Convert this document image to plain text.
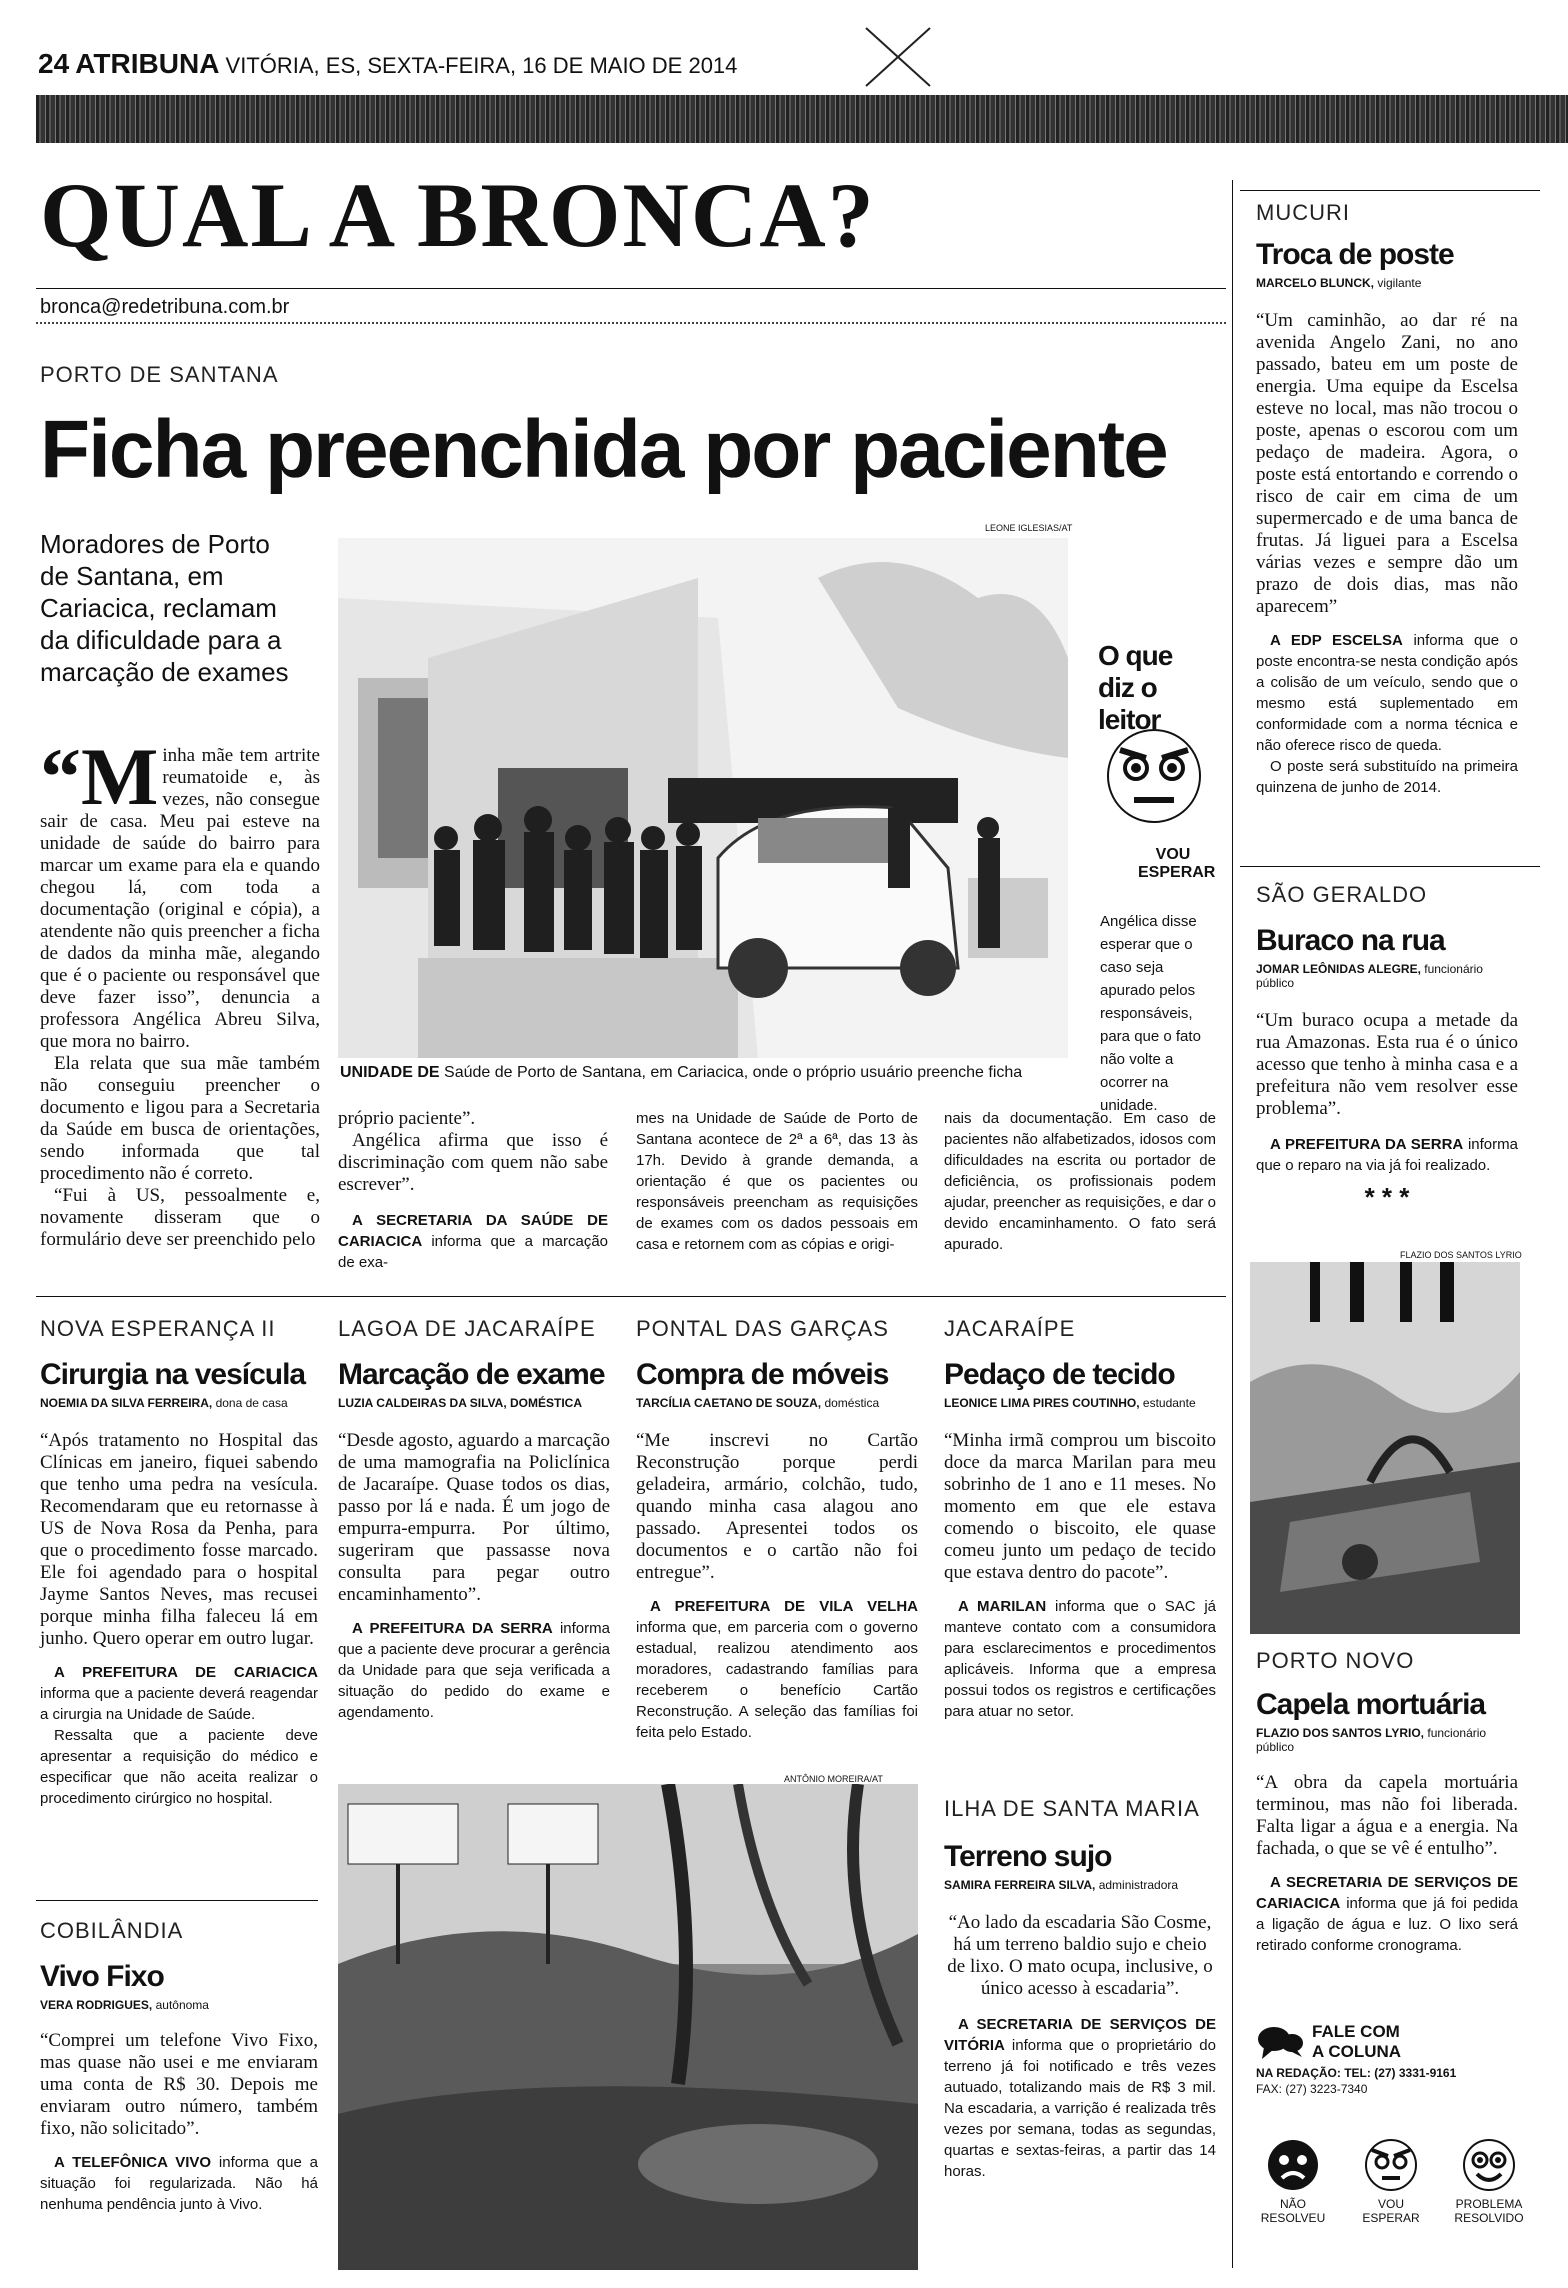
24 ATRIBUNA VITÓRIA, ES, SEXTA-FEIRA, 16 DE MAIO DE 2014
QUAL A BRONCA?
bronca@redetribuna.com.br
PORTO DE SANTANA
Ficha preenchida por paciente
Moradores de Porto de Santana, em Cariacica, reclamam da dificuldade para a marcação de exames
LEONE IGLESIAS/AT
UNIDADE DE Saúde de Porto de Santana, em Cariacica, onde o próprio usuário preenche ficha
O que diz o leitor
VOU ESPERAR
Angélica disse esperar que o caso seja apurado pelos responsáveis, para que o fato não volte a ocorrer na unidade.
“M inha mãe tem artrite reumatoide e, às vezes, não consegue sair de casa. Meu pai esteve na unidade de saúde do bairro para marcar um exame para ela e quando chegou lá, com toda a documentação (original e cópia), a atendente não quis preencher a ficha de dados da minha mãe, alegando que é o paciente ou responsável que deve fazer isso”, denuncia a professora Angélica Abreu Silva, que mora no bairro.

Ela relata que sua mãe também não conseguiu preencher o documento e ligou para a Secretaria da Saúde em busca de orientações, sendo informada que tal procedimento não é correto.

“Fui à US, pessoalmente e, novamente disseram que o formulário deve ser preenchido pelo

próprio paciente”.

Angélica afirma que isso é discriminação com quem não sabe escrever”.

A SECRETARIA DA SAÚDE DE CARIACICA informa que a marcação de exa-

mes na Unidade de Saúde de Porto de Santana acontece de 2ª a 6ª, das 13 às 17h. Devido à grande demanda, a orientação é que os pacientes ou responsáveis preencham as requisições de exames com os dados pessoais em casa e retornem com as cópias e origi-
nais da documentação. Em caso de pacientes não alfabetizados, idosos com dificuldades na escrita ou portador de deficiência, os profissionais podem ajudar, preencher as requisições, e dar o devido encaminhamento. O fato será apurado.
NOVA ESPERANÇA II
Cirurgia na vesícula
NOEMIA DA SILVA FERREIRA, dona de casa

“Após tratamento no Hospital das Clínicas em janeiro, fiquei sabendo que tenho uma pedra na vesícula. Recomendaram que eu retornasse à US de Nova Rosa da Penha, para que o procedimento fosse marcado. Ele foi agendado para o hospital Jayme Santos Neves, mas recusei porque minha filha faleceu lá em junho. Quero operar em outro lugar.

A PREFEITURA DE CARIACICA informa que a paciente deverá reagendar a cirurgia na Unidade de Saúde.

Ressalta que a paciente deve apresentar a requisição do médico e especificar que não aceita realizar o procedimento cirúrgico no hospital.

LAGOA DE JACARAÍPE
Marcação de exame
LUZIA CALDEIRAS DA SILVA, DOMÉSTICA

“Desde agosto, aguardo a marcação de uma mamografia na Policlínica de Jacaraípe. Quase todos os dias, passo por lá e nada. É um jogo de empurra-empurra. Por último, sugeriram que passasse nova consulta para pegar outro encaminhamento”.

A PREFEITURA DA SERRA informa que a paciente deve procurar a gerência da Unidade para que seja verificada a situação do pedido do exame e agendamento.

PONTAL DAS GARÇAS
Compra de móveis
TARCÍLIA CAETANO DE SOUZA, doméstica

“Me inscrevi no Cartão Reconstrução porque perdi geladeira, armário, colchão, tudo, quando minha casa alagou ano passado. Apresentei todos os documentos e o cartão não foi entregue”.

A PREFEITURA DE VILA VELHA informa que, em parceria com o governo estadual, realizou atendimento aos moradores, cadastrando famílias para receberem o benefício Cartão Reconstrução. A seleção das famílias foi feita pelo Estado.

JACARAÍPE
Pedaço de tecido
LEONICE LIMA PIRES COUTINHO, estudante

“Minha irmã comprou um biscoito doce da marca Marilan para meu sobrinho de 1 ano e 11 meses. No momento em que ele estava comendo o biscoito, ele quase comeu junto um pedaço de tecido que estava dentro do pacote”.

A MARILAN informa que o SAC já manteve contato com a consumidora para esclarecimentos e procedimentos aplicáveis. Informa que a empresa possui todos os registros e certificações para atuar no setor.

COBILÂNDIA
Vivo Fixo
VERA RODRIGUES, autônoma

“Comprei um telefone Vivo Fixo, mas quase não usei e me enviaram uma conta de R$ 30. Depois me enviaram outro número, também fixo, não solicitado”.

A TELEFÔNICA VIVO informa que a situação foi regularizada. Não há nenhuma pendência junto à Vivo.

ANTÔNIO MOREIRA/AT
ILHA DE SANTA MARIA
Terreno sujo
SAMIRA FERREIRA SILVA, administradora

“Ao lado da escadaria São Cosme, há um terreno baldio sujo e cheio de lixo. O mato ocupa, inclusive, o único acesso à escadaria”.

A SECRETARIA DE SERVIÇOS DE VITÓRIA informa que o proprietário do terreno já foi notificado e três vezes autuado, totalizando mais de R$ 3 mil. Na escadaria, a varrição é realizada três vezes por semana, todas as segundas, quartas e sextas-feiras, a partir das 14 horas.

MUCURI
Troca de poste
MARCELO BLUNCK, vigilante

“Um caminhão, ao dar ré na avenida Angelo Zani, no ano passado, bateu em um poste de energia. Uma equipe da Escelsa esteve no local, mas não trocou o poste, apenas o escorou com um pedaço de madeira. Agora, o poste está entortando e correndo o risco de cair em cima de um supermercado e de uma banca de frutas. Já liguei para a Escelsa várias vezes e sempre dão um prazo de dois dias, mas não aparecem”

A EDP ESCELSA informa que o poste encontra-se nesta condição após a colisão de um veículo, sendo que o mesmo está suplementado em conformidade com a norma técnica e não oferece risco de queda.

O poste será substituído na primeira quinzena de junho de 2014.

SÃO GERALDO
Buraco na rua
JOMAR LEÔNIDAS ALEGRE, funcionário público

“Um buraco ocupa a metade da rua Amazonas. Esta rua é o único acesso que tenho à minha casa e a prefeitura não vem resolver esse problema”.

A PREFEITURA DA SERRA informa que o reparo na via já foi realizado.

* * *
FLAZIO DOS SANTOS LYRIO
PORTO NOVO
Capela mortuária
FLAZIO DOS SANTOS LYRIO, funcionário público

“A obra da capela mortuária terminou, mas não foi liberada. Falta ligar a água e a energia. Na fachada, o que se vê é entulho”.

A SECRETARIA DE SERVIÇOS DE CARIACICA informa que já foi pedida a ligação de água e luz. O lixo será retirado conforme cronograma.

FALE COM
A COLUNA
NA REDAÇÃO: TEL: (27) 3331-9161
FAX: (27) 3223-7340
NÃO RESOLVEU
VOU ESPERAR
PROBLEMA RESOLVIDO
